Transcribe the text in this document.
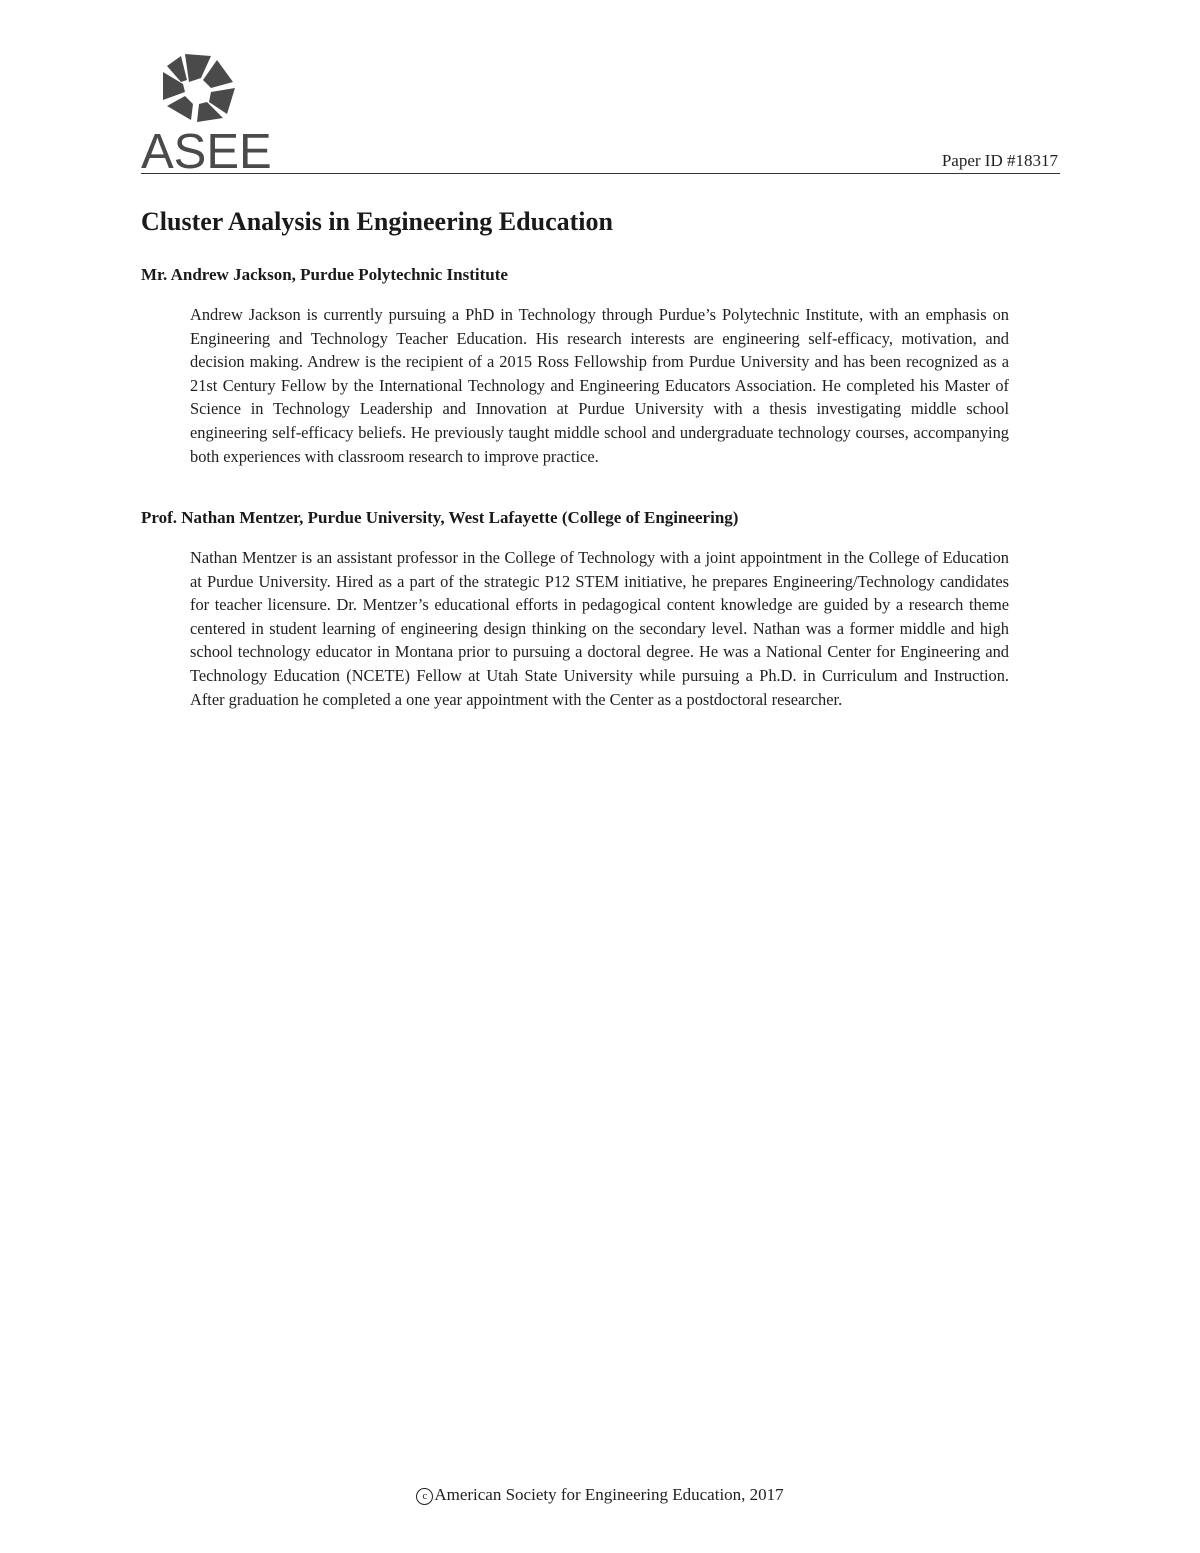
ASEE	Paper ID #18317
Cluster Analysis in Engineering Education

Mr. Andrew Jackson, Purdue Polytechnic Institute

Andrew Jackson is currently pursuing a PhD in Technology through Purdue’s Polytechnic Institute, with an emphasis on Engineering and Technology Teacher Education. His research interests are engineering self-efficacy, motivation, and decision making. Andrew is the recipient of a 2015 Ross Fellowship from Purdue University and has been recognized as a 21st Century Fellow by the International Technology and Engineering Educators Association. He completed his Master of Science in Technology Leadership and Innovation at Purdue University with a thesis investigating middle school engineering self-efficacy beliefs. He previously taught middle school and undergraduate technology courses, accompanying both experiences with classroom research to improve practice.

Prof. Nathan Mentzer, Purdue University, West Lafayette (College of Engineering)

Nathan Mentzer is an assistant professor in the College of Technology with a joint appointment in the College of Education at Purdue University. Hired as a part of the strategic P12 STEM initiative, he prepares Engineering/Technology candidates for teacher licensure. Dr. Mentzer’s educational efforts in pedagogical content knowledge are guided by a research theme centered in student learning of engineering design thinking on the secondary level. Nathan was a former middle and high school technology educator in Montana prior to pursuing a doctoral degree. He was a National Center for Engineering and Technology Education (NCETE) Fellow at Utah State University while pursuing a Ph.D. in Curriculum and Instruction. After graduation he completed a one year appointment with the Center as a postdoctoral researcher.

c American Society for Engineering Education, 2017
